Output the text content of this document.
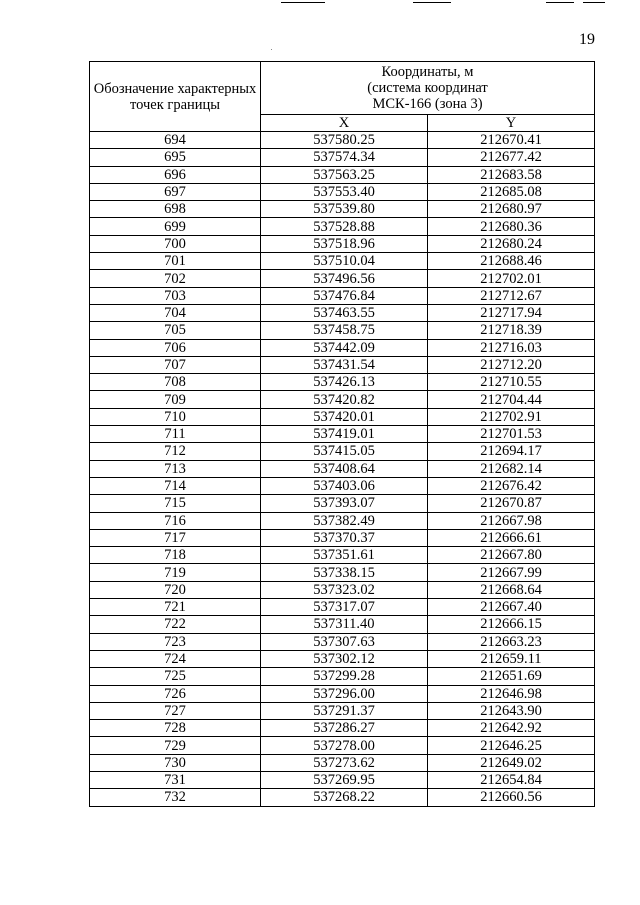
19
Обозначение характерных точек границы	Координаты, м
(система координат
МСК-166 (зона 3)	

	X	Y
694	537580.25	212670.41
695	537574.34	212677.42
696	537563.25	212683.58
697	537553.40	212685.08
698	537539.80	212680.97
699	537528.88	212680.36
700	537518.96	212680.24
701	537510.04	212688.46
702	537496.56	212702.01
703	537476.84	212712.67
704	537463.55	212717.94
705	537458.75	212718.39
706	537442.09	212716.03
707	537431.54	212712.20
708	537426.13	212710.55
709	537420.82	212704.44
710	537420.01	212702.91
711	537419.01	212701.53
712	537415.05	212694.17
713	537408.64	212682.14
714	537403.06	212676.42
715	537393.07	212670.87
716	537382.49	212667.98
717	537370.37	212666.61
718	537351.61	212667.80
719	537338.15	212667.99
720	537323.02	212668.64
721	537317.07	212667.40
722	537311.40	212666.15
723	537307.63	212663.23
724	537302.12	212659.11
725	537299.28	212651.69
726	537296.00	212646.98
727	537291.37	212643.90
728	537286.27	212642.92
729	537278.00	212646.25
730	537273.62	212649.02
731	537269.95	212654.84
732	537268.22	212660.56
